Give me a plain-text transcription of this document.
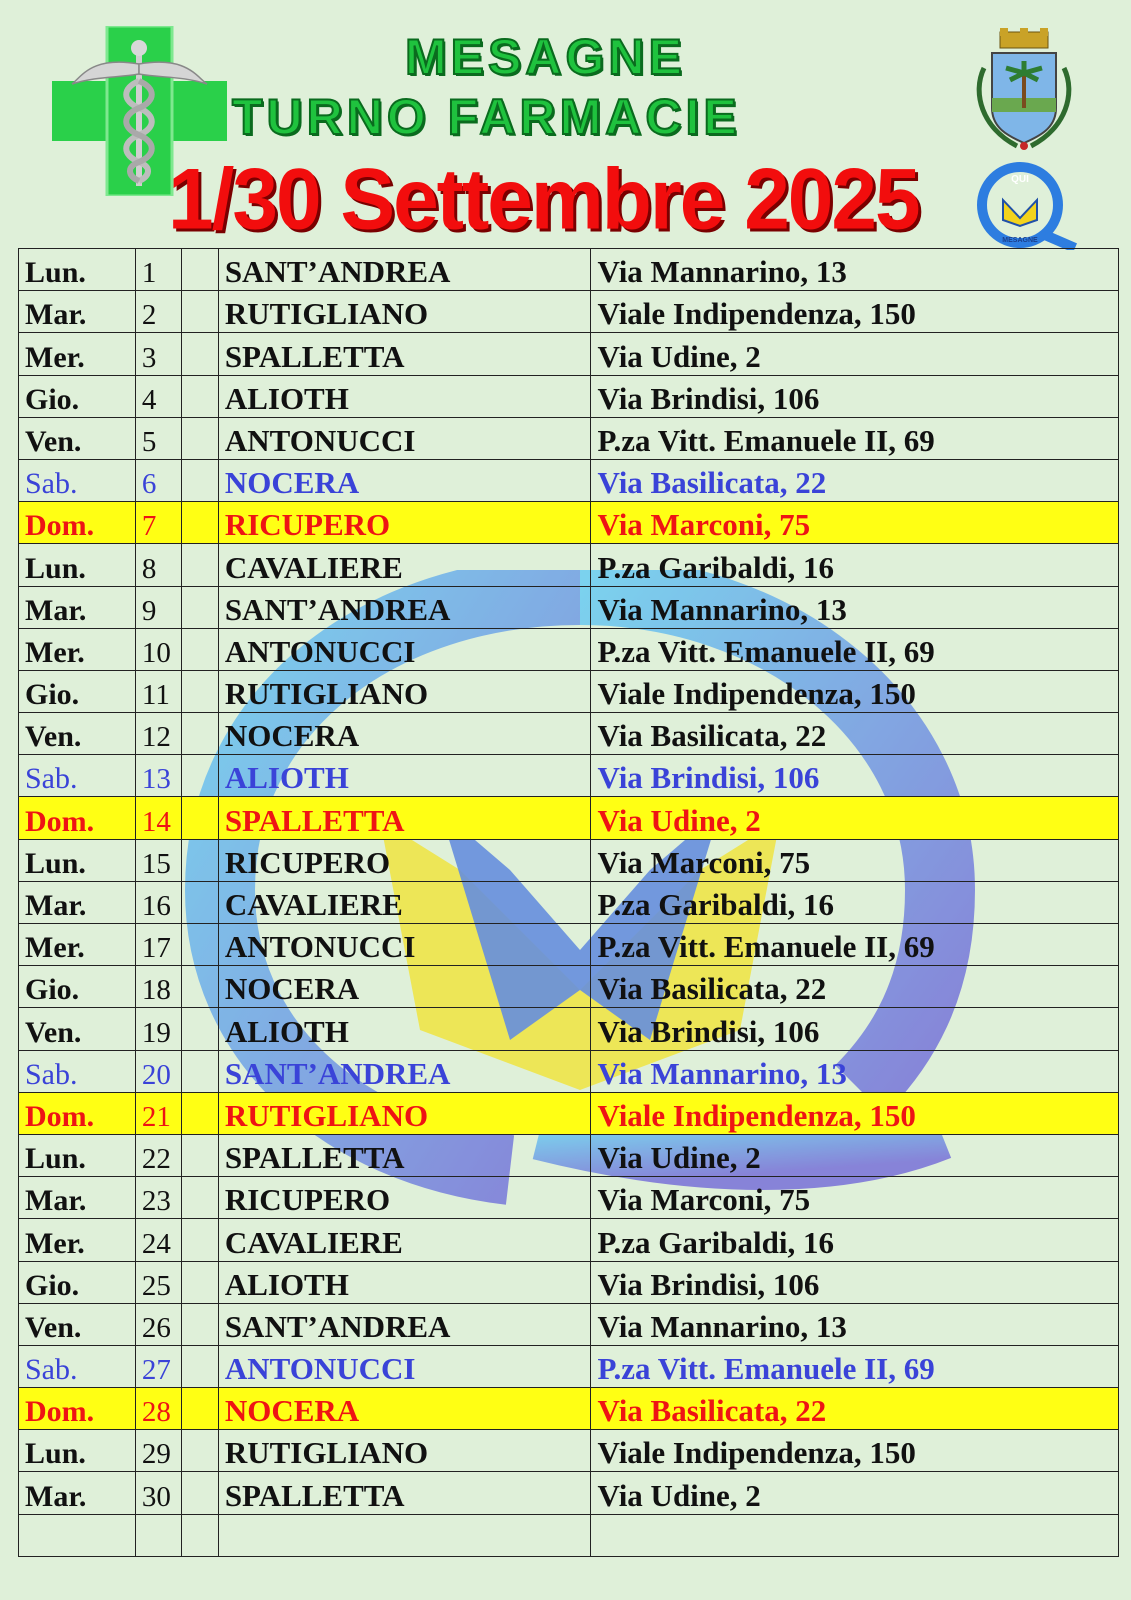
MESAGNE
TURNO FARMACIE
1/30 Settembre 2025	QUI
MESAGNE
Lun.	1		SANT’ANDREA	Via Mannarino, 13
Mar.	2		RUTIGLIANO	Viale Indipendenza, 150
Mer.	3		SPALLETTA	Via Udine, 2
Gio.	4		ALIOTH	Via Brindisi, 106
Ven.	5		ANTONUCCI	P.za Vitt. Emanuele II, 69
Sab.	6		NOCERA	Via Basilicata, 22
Dom.	7		RICUPERO	Via Marconi, 75
Lun.	8		CAVALIERE	P.za Garibaldi, 16
Mar.	9		SANT’ANDREA	Via Mannarino, 13
Mer.	10		ANTONUCCI	P.za Vitt. Emanuele II, 69
Gio.	11		RUTIGLIANO	Viale Indipendenza, 150
Ven.	12		NOCERA	Via Basilicata, 22
Sab.	13		ALIOTH	Via Brindisi, 106
Dom.	14		SPALLETTA	Via Udine, 2
Lun.	15		RICUPERO	Via Marconi, 75
Mar.	16		CAVALIERE	P.za Garibaldi, 16
Mer.	17		ANTONUCCI	P.za Vitt. Emanuele II, 69
Gio.	18		NOCERA	Via Basilicata, 22
Ven.	19		ALIOTH	Via Brindisi, 106
Sab.	20		SANT’ANDREA	Via Mannarino, 13
Dom.	21		RUTIGLIANO	Viale Indipendenza, 150
Lun.	22		SPALLETTA	Via Udine, 2
Mar.	23		RICUPERO	Via Marconi, 75
Mer.	24		CAVALIERE	P.za Garibaldi, 16
Gio.	25		ALIOTH	Via Brindisi, 106
Ven.	26		SANT’ANDREA	Via Mannarino, 13
Sab.	27		ANTONUCCI	P.za Vitt. Emanuele II, 69
Dom.	28		NOCERA	Via Basilicata, 22
Lun.	29		RUTIGLIANO	Viale Indipendenza, 150
Mar.	30		SPALLETTA	Via Udine, 2
